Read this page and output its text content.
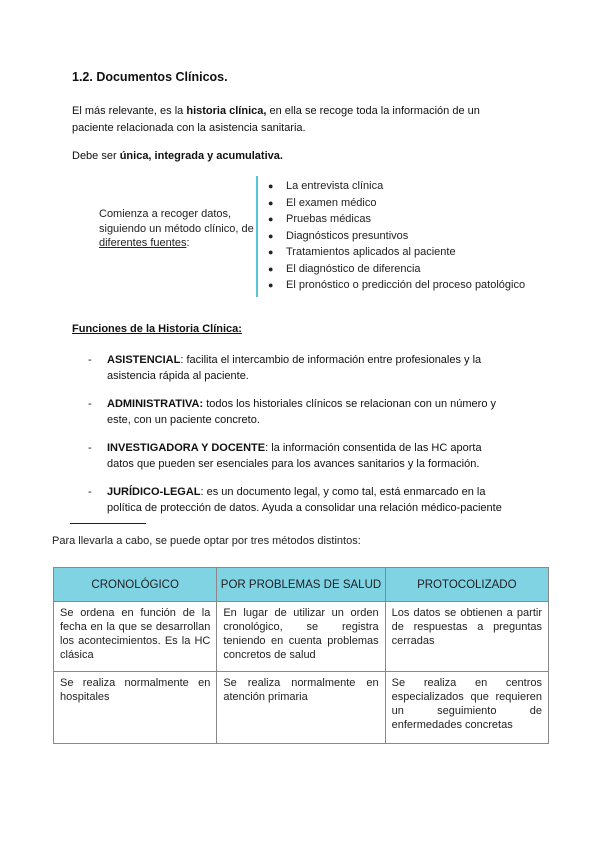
1.2. Documentos Clínicos.

El más relevante, es la historia clínica, en ella se recoge toda la información de un paciente relacionada con la asistencia sanitaria.

Debe ser única, integrada y acumulativa.

Comienza a recoger datos, siguiendo un método clínico, de diferentes fuentes:
● La entrevista clínica
● El examen médico
● Pruebas médicas
● Diagnósticos presuntivos
● Tratamientos aplicados al paciente
● El diagnóstico de diferencia
● El pronóstico o predicción del proceso patológico
Funciones de la Historia Clínica:
- ASISTENCIAL: facilita el intercambio de información entre profesionales y la asistencia rápida al paciente.
- ADMINISTRATIVA: todos los historiales clínicos se relacionan con un número y este, con un paciente concreto.
- INVESTIGADORA Y DOCENTE: la información consentida de las HC aporta datos que pueden ser esenciales para los avances sanitarios y la formación.
- JURÍDICO-LEGAL: es un documento legal, y como tal, está enmarcado en la política de protección de datos. Ayuda a consolidar una relación médico-paciente

Para llevarla a cabo, se puede optar por tres métodos distintos:

CRONOLÓGICO	POR PROBLEMAS DE SALUD	PROTOCOLIZADO
Se ordena en función de la fecha en la que se desarrollan los acontecimientos. Es la HC clásica	En lugar de utilizar un orden cronológico, se registra teniendo en cuenta problemas concretos de salud	Los datos se obtienen a partir de respuestas a preguntas cerradas
Se realiza normalmente en hospitales	Se realiza normalmente en atención primaria	Se realiza en centros especializados que requieren un seguimiento de enfermedades concretas
